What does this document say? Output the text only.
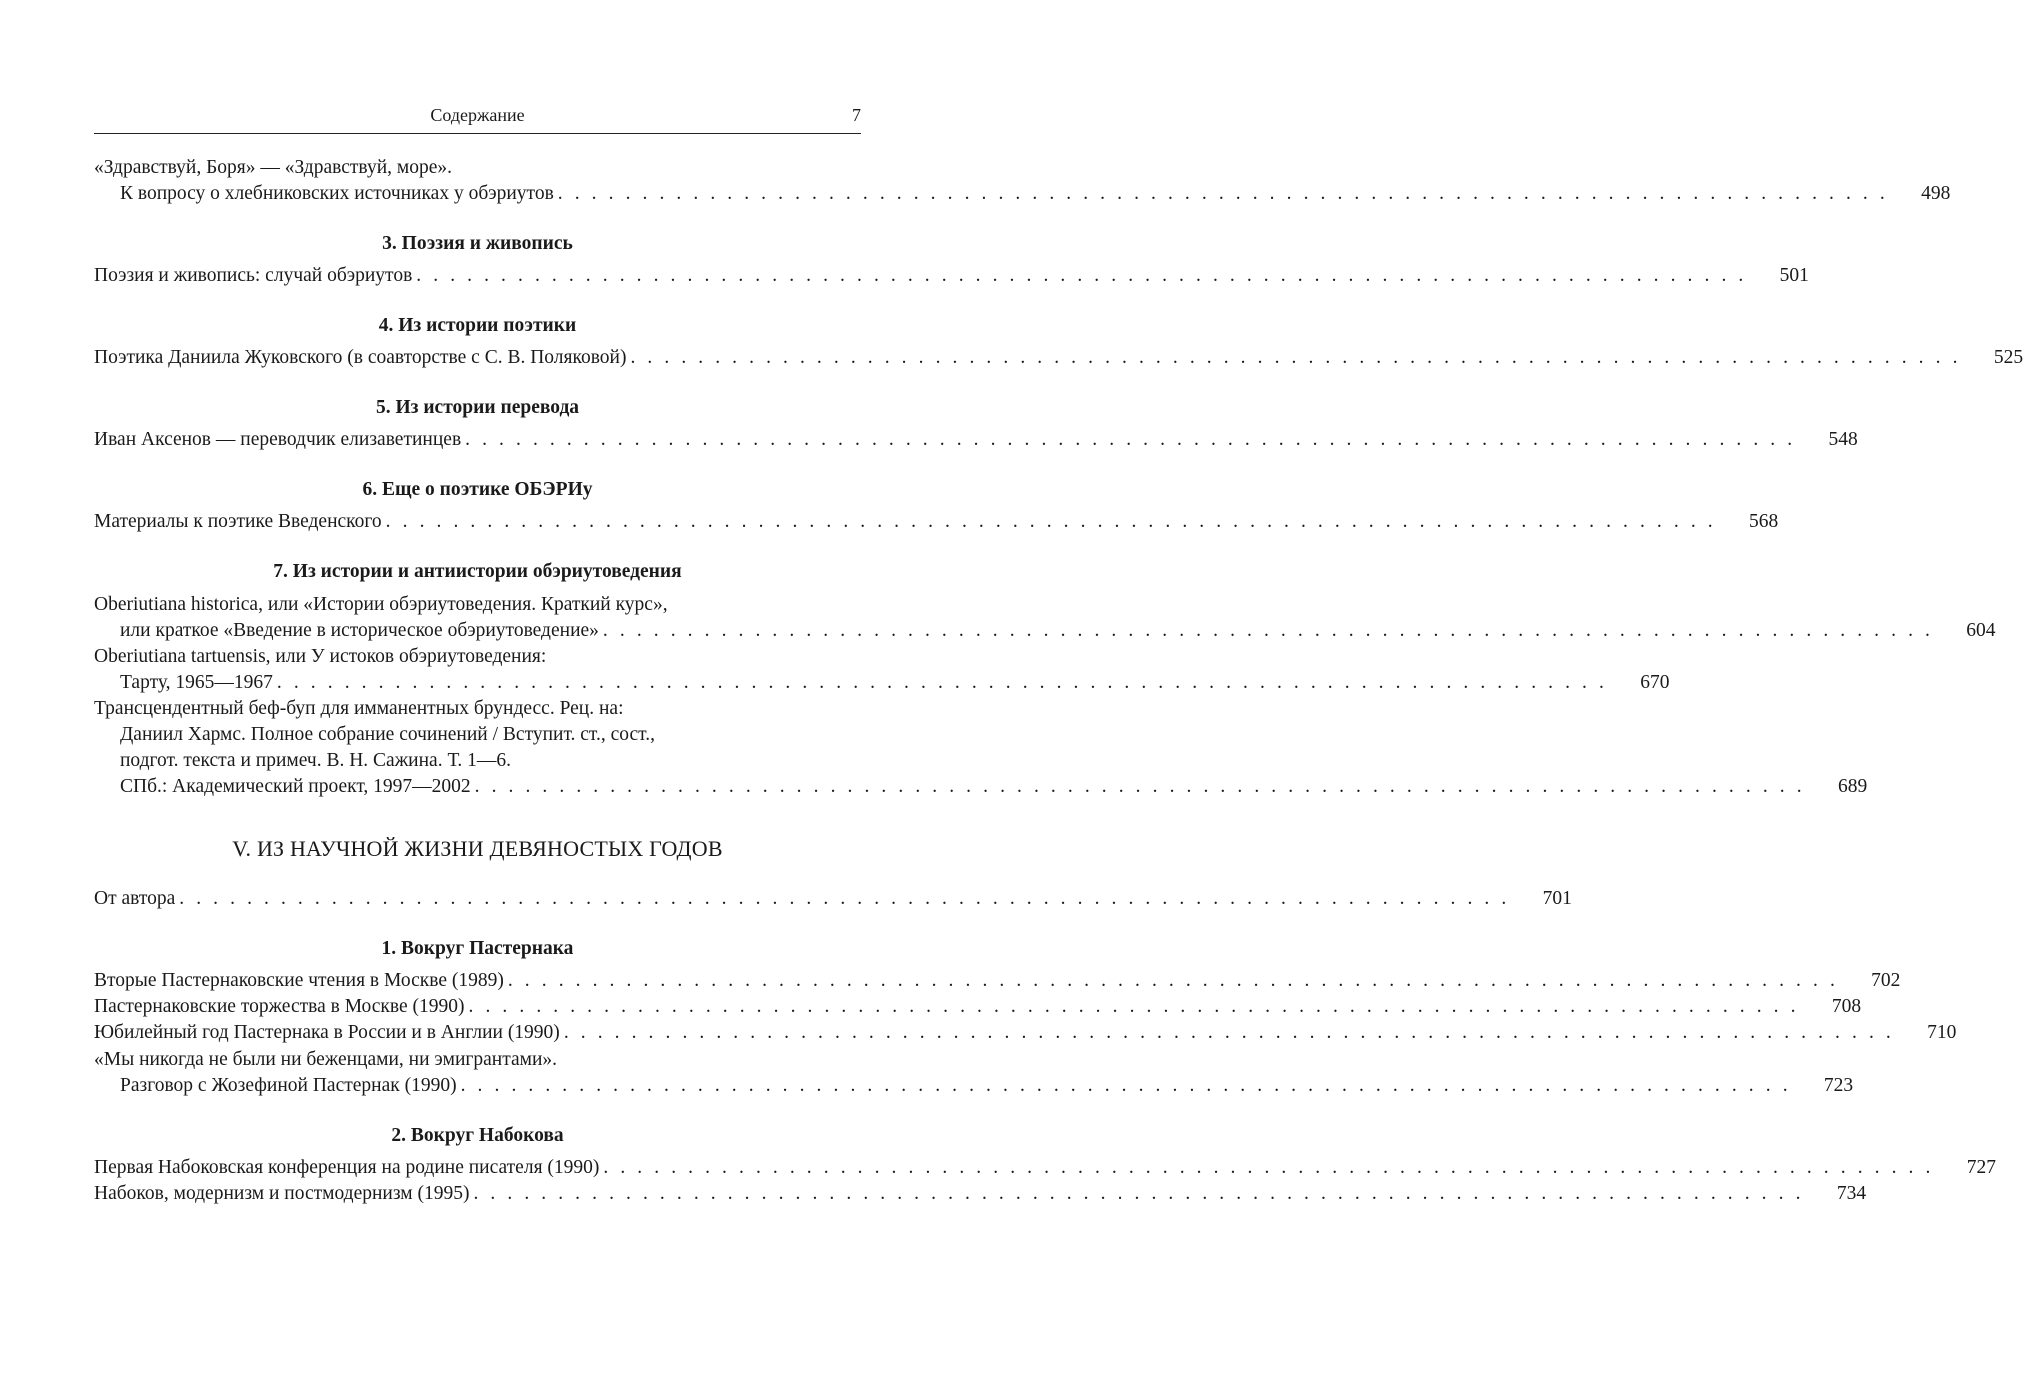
Содержание	7
«Здравствуй, Боря» — «Здравствуй, море».
К вопросу о хлебниковских источниках у обэриутов . . . . . . . . . . . . . . . . . . . . . . . . . . . . . . . . . . . . . . . . . . . . . . . . . . . . . . . . . . . . . . . . . . . . . . . . . . . . . . . 498
3. Поэзия и живопись
Поэзия и живопись: случай обэриутов . . . . . . . . . . . . . . . . . . . . . . . . . . . . . . . . . . . . . . . . . . . . . . . . . . . . . . . . . . . . . . . . . . . . . . . . . . . . . . . 501
4. Из истории поэтики
Поэтика Даниила Жуковского (в соавторстве с С. В. Поляковой) . . . . . . . . . . . . . . . . . . . . . . . . . . . . . . . . . . . . . . . . . . . . . . . . . . . . . . . . . . . . . . . . . . . . . . . . . . . . . . . 525
5. Из истории перевода
Иван Аксенов — переводчик елизаветинцев . . . . . . . . . . . . . . . . . . . . . . . . . . . . . . . . . . . . . . . . . . . . . . . . . . . . . . . . . . . . . . . . . . . . . . . . . . . . . . . 548
6. Еще о поэтике ОБЭРИу
Материалы к поэтике Введенского . . . . . . . . . . . . . . . . . . . . . . . . . . . . . . . . . . . . . . . . . . . . . . . . . . . . . . . . . . . . . . . . . . . . . . . . . . . . . . . 568
7. Из истории и антиистории обэриутоведения
Oberiutiana historica, или «Истории обэриутоведения. Краткий курс»,
или краткое «Введение в историческое обэриутоведение» . . . . . . . . . . . . . . . . . . . . . . . . . . . . . . . . . . . . . . . . . . . . . . . . . . . . . . . . . . . . . . . . . . . . . . . . . . . . . . . 604
Oberiutiana tartuensis, или У истоков обэриутоведения:
Тарту, 1965—1967 . . . . . . . . . . . . . . . . . . . . . . . . . . . . . . . . . . . . . . . . . . . . . . . . . . . . . . . . . . . . . . . . . . . . . . . . . . . . . . . 670
Трансцендентный беф-буп для имманентных брундесс. Рец. на:
Даниил Хармс. Полное собрание сочинений / Вступит. ст., сост.,
подгот. текста и примеч. В. Н. Сажина. Т. 1—6.
СПб.: Академический проект, 1997—2002 . . . . . . . . . . . . . . . . . . . . . . . . . . . . . . . . . . . . . . . . . . . . . . . . . . . . . . . . . . . . . . . . . . . . . . . . . . . . . . . 689
V. ИЗ НАУЧНОЙ ЖИЗНИ ДЕВЯНОСТЫХ ГОДОВ
От автора . . . . . . . . . . . . . . . . . . . . . . . . . . . . . . . . . . . . . . . . . . . . . . . . . . . . . . . . . . . . . . . . . . . . . . . . . . . . . . . 701
1. Вокруг Пастернака
Вторые Пастернаковские чтения в Москве (1989) . . . . . . . . . . . . . . . . . . . . . . . . . . . . . . . . . . . . . . . . . . . . . . . . . . . . . . . . . . . . . . . . . . . . . . . . . . . . . . . 702
Пастернаковские торжества в Москве (1990) . . . . . . . . . . . . . . . . . . . . . . . . . . . . . . . . . . . . . . . . . . . . . . . . . . . . . . . . . . . . . . . . . . . . . . . . . . . . . . . 708
Юбилейный год Пастернака в России и в Англии (1990) . . . . . . . . . . . . . . . . . . . . . . . . . . . . . . . . . . . . . . . . . . . . . . . . . . . . . . . . . . . . . . . . . . . . . . . . . . . . . . . 710
«Мы никогда не были ни беженцами, ни эмигрантами».
Разговор с Жозефиной Пастернак (1990) . . . . . . . . . . . . . . . . . . . . . . . . . . . . . . . . . . . . . . . . . . . . . . . . . . . . . . . . . . . . . . . . . . . . . . . . . . . . . . . 723
2. Вокруг Набокова
Первая Набоковская конференция на родине писателя (1990) . . . . . . . . . . . . . . . . . . . . . . . . . . . . . . . . . . . . . . . . . . . . . . . . . . . . . . . . . . . . . . . . . . . . . . . . . . . . . . . 727
Набоков, модернизм и постмодернизм (1995) . . . . . . . . . . . . . . . . . . . . . . . . . . . . . . . . . . . . . . . . . . . . . . . . . . . . . . . . . . . . . . . . . . . . . . . . . . . . . . . 734
